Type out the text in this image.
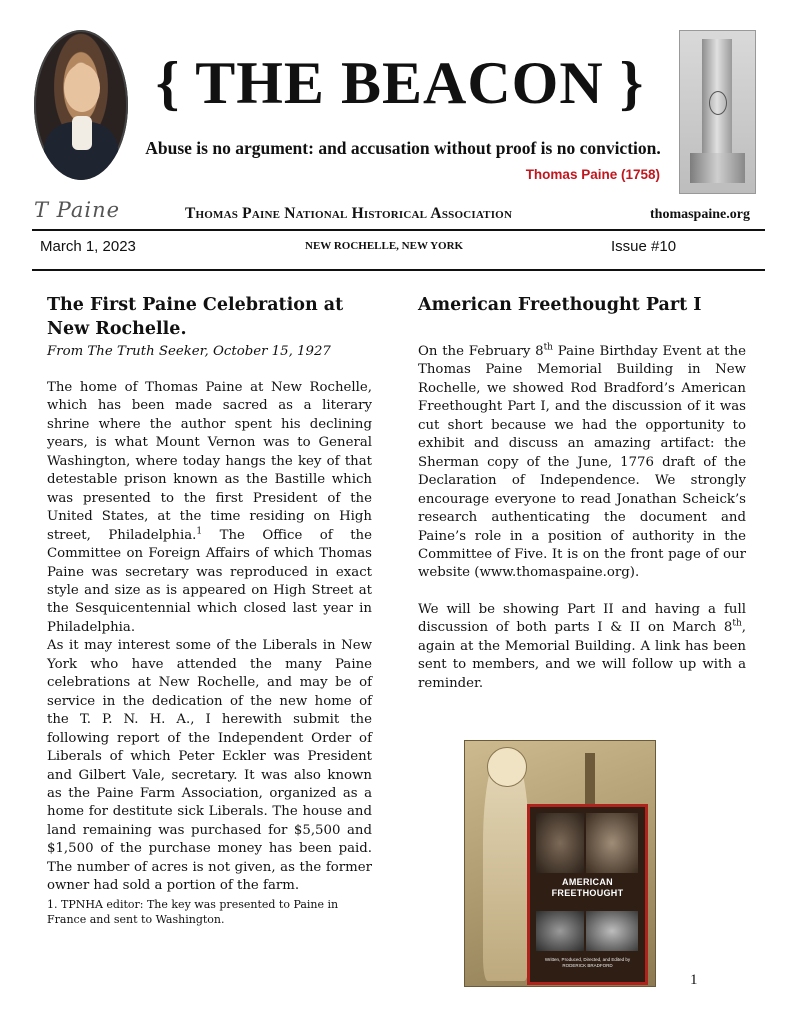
{ THE BEACON }
Abuse is no argument: and accusation without proof is no conviction.
Thomas Paine (1758)
T Paine	Thomas Paine National Historical Association	thomaspaine.org
March 1, 2023	NEW ROCHELLE, NEW YORK	Issue #10
The First Paine Celebration at New Rochelle.
From The Truth Seeker, October 15, 1927

The home of Thomas Paine at New Rochelle, which has been made sacred as a literary shrine where the author spent his declining years, is what Mount Vernon was to General Washington, where today hangs the key of that detestable prison known as the Bastille which was presented to the first President of the United States, at the time residing on High street, Philadelphia.$^1$ The Office of the Committee on Foreign Affairs of which Thomas Paine was secretary was reproduced in exact style and size as is appeared on High Street at the Sesquicentennial which closed last year in Philadelphia.

As it may interest some of the Liberals in New York who have attended the many Paine celebrations at New Rochelle, and may be of service in the dedication of the new home of the T. P. N. H. A., I herewith submit the following report of the Independent Order of Liberals of which Peter Eckler was President and Gilbert Vale, secretary. It was also known as the Paine Farm Association, organized as a home for destitute sick Liberals. The house and land remaining was purchased for $5,500 and $1,500 of the purchase money has been paid. The number of acres is not given, as the former owner had sold a portion of the farm.

1. TPNHA editor: The key was presented to Paine in France and sent to Washington.
American Freethought Part I

On the February 8th Paine Birthday Event at the Thomas Paine Memorial Building in New Rochelle, we showed Rod Bradford’s American Freethought Part I, and the discussion of it was cut short because we had the opportunity to exhibit and discuss an amazing artifact: the Sherman copy of the June, 1776 draft of the Declaration of Independence. We strongly encourage everyone to read Jonathan Scheick’s research authenticating the document and Paine’s role in a position of authority in the Committee of Five. It is on the front page of our website (www.thomaspaine.org).

We will be showing Part II and having a full discussion of both parts I & II on March 8th, again at the Memorial Building. A link has been sent to members, and we will follow up with a reminder.

AMERICAN
FREETHOUGHT
Written, Produced, Directed, and Edited by RODERICK BRADFORD
1
